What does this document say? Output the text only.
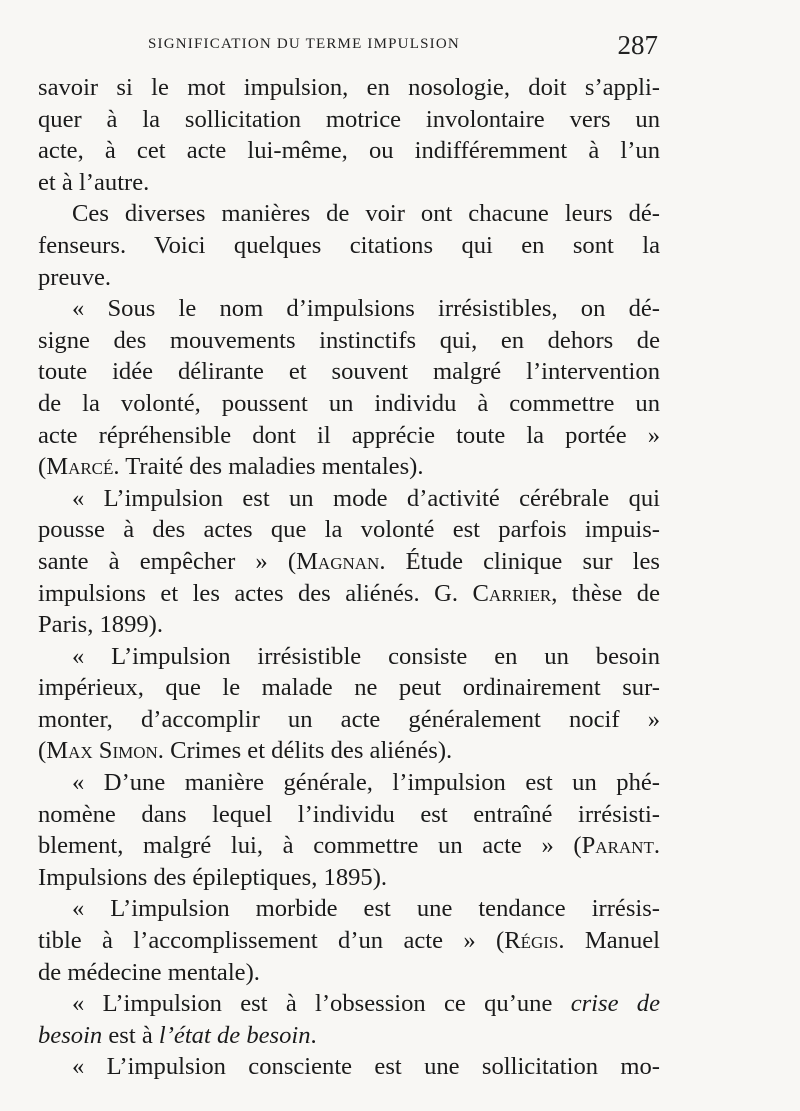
SIGNIFICATION DU TERME IMPULSION	287
savoir si le mot impulsion, en nosologie, doit s’appli-
quer à la sollicitation motrice involontaire vers un
acte, à cet acte lui-même, ou indifféremment à l’un
et à l’autre.
Ces diverses manières de voir ont chacune leurs dé-
fenseurs. Voici quelques citations qui en sont la
preuve.
« Sous le nom d’impulsions irrésistibles, on dé-
signe des mouvements instinctifs qui, en dehors de
toute idée délirante et souvent malgré l’intervention
de la volonté, poussent un individu à commettre un
acte répréhensible dont il apprécie toute la portée »
(Marcé. Traité des maladies mentales).
« L’impulsion est un mode d’activité cérébrale qui
pousse à des actes que la volonté est parfois impuis-
sante à empêcher » (Magnan. Étude clinique sur les
impulsions et les actes des aliénés. G. Carrier, thèse de
Paris, 1899).
« L’impulsion irrésistible consiste en un besoin
impérieux, que le malade ne peut ordinairement sur-
monter, d’accomplir un acte généralement nocif »
(Max Simon. Crimes et délits des aliénés).
« D’une manière générale, l’impulsion est un phé-
nomène dans lequel l’individu est entraîné irrésisti-
blement, malgré lui, à commettre un acte » (Parant.
Impulsions des épileptiques, 1895).
« L’impulsion morbide est une tendance irrésis-
tible à l’accomplissement d’un acte » (Régis. Manuel
de médecine mentale).
« L’impulsion est à l’obsession ce qu’une crise de
besoin est à l’état de besoin.
« L’impulsion consciente est une sollicitation mo-
